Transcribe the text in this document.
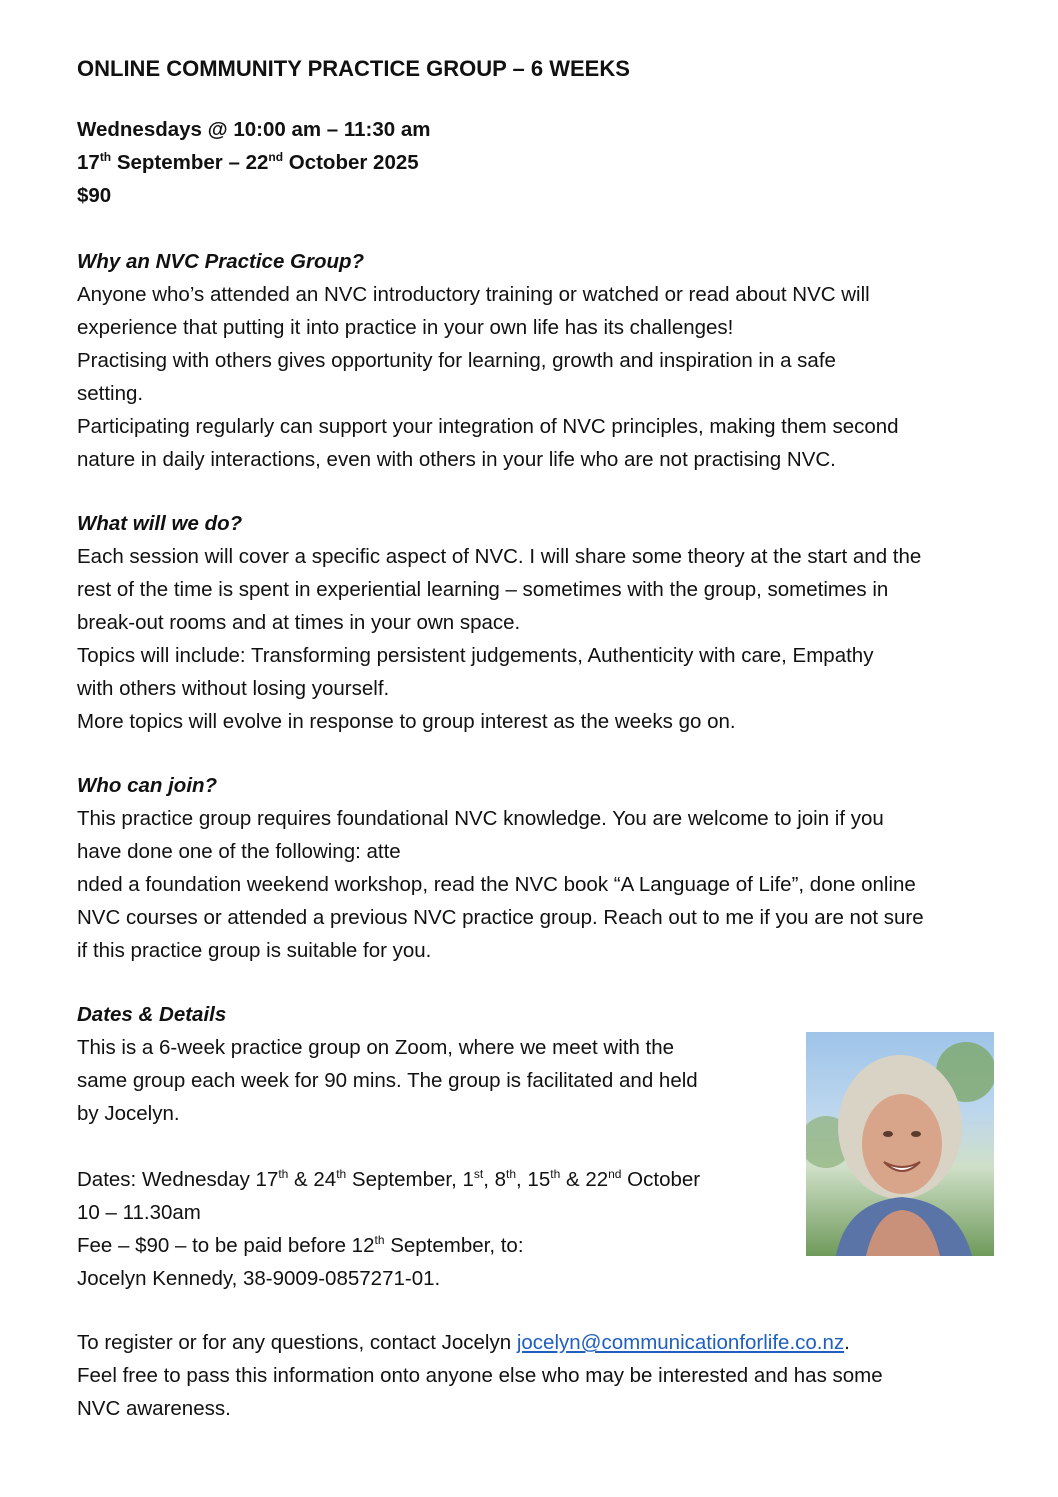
ONLINE COMMUNITY PRACTICE GROUP – 6 WEEKS
Wednesdays @ 10:00 am – 11:30 am
17th September – 22nd October 2025
$90
Why an NVC Practice Group?
Anyone who’s attended an NVC introductory training or watched or read about NVC will
experience that putting it into practice in your own life has its challenges!
Practising with others gives opportunity for learning, growth and inspiration in a safe
setting.
Participating regularly can support your integration of NVC principles, making them second
nature in daily interactions, even with others in your life who are not practising NVC.
What will we do?
Each session will cover a specific aspect of NVC. I will share some theory at the start and the
rest of the time is spent in experiential learning – sometimes with the group, sometimes in
break-out rooms and at times in your own space.
Topics will include: Transforming persistent judgements, Authenticity with care, Empathy
with others without losing yourself.
More topics will evolve in response to group interest as the weeks go on.
Who can join?
This practice group requires foundational NVC knowledge. You are welcome to join if you
have done one of the following: atte
nded a foundation weekend workshop, read the NVC book “A Language of Life”, done online
NVC courses or attended a previous NVC practice group. Reach out to me if you are not sure
if this practice group is suitable for you.
Dates & Details
This is a 6-week practice group on Zoom, where we meet with the
same group each week for 90 mins. The group is facilitated and held
by Jocelyn.
Dates: Wednesday 17th & 24th September, 1st, 8th, 15th & 22nd October
10 – 11.30am
Fee – $90 – to be paid before 12th September, to:
Jocelyn Kennedy, 38-9009-0857271-01.
To register or for any questions, contact Jocelyn jocelyn@communicationforlife.co.nz.
Feel free to pass this information onto anyone else who may be interested and has some
NVC awareness.
